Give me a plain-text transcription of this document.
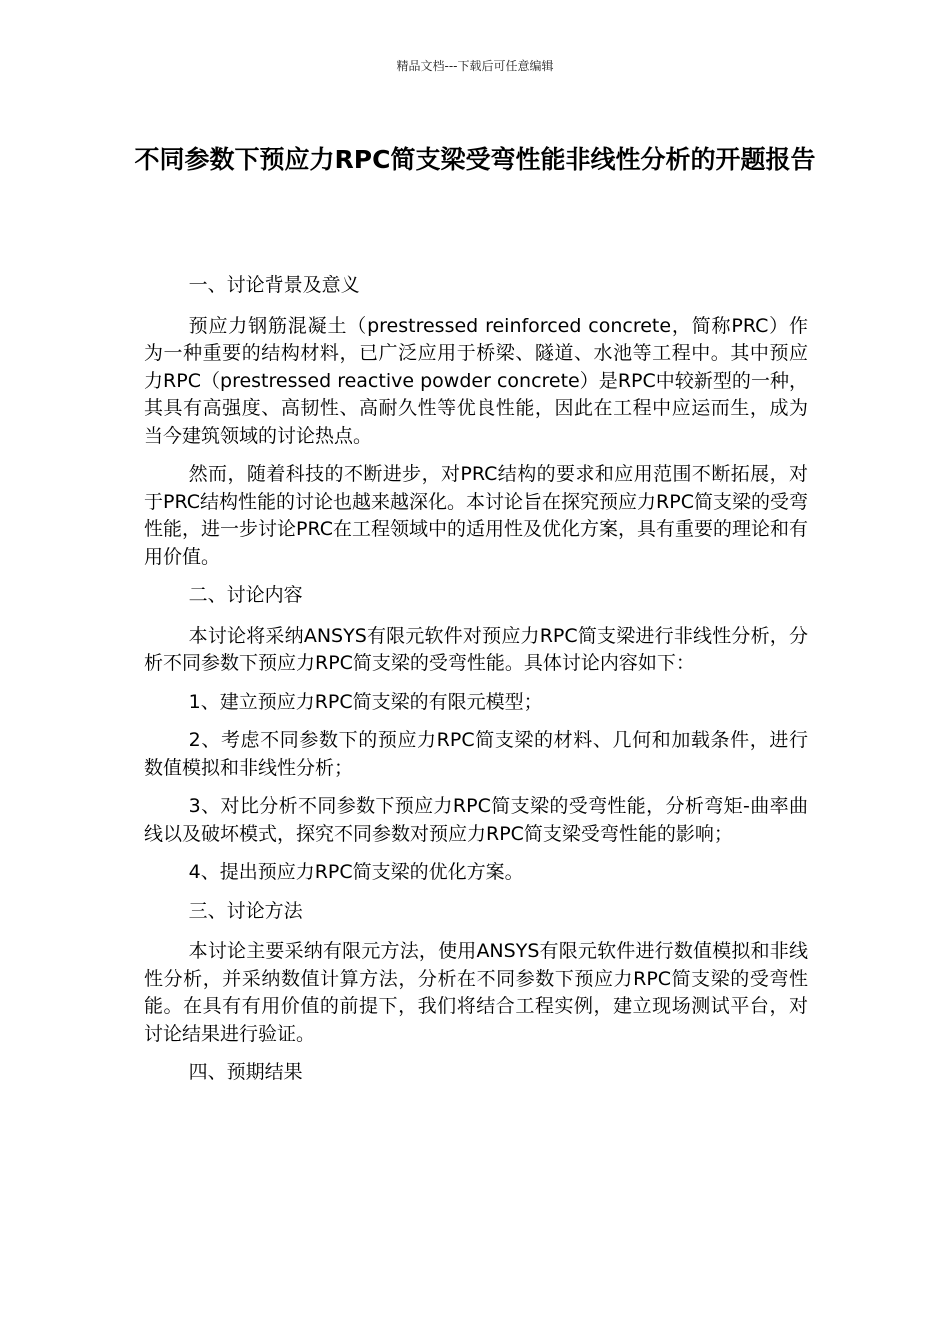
精品文档---下载后可任意编辑
不同参数下预应力RPC简支梁受弯性能非线性分析的开题报告

一、讨论背景及意义

预应力钢筋混凝土（prestressed reinforced concrete，简称PRC）作为一种重要的结构材料，已广泛应用于桥梁、隧道、水池等工程中。其中预应力RPC（prestressed reactive powder concrete）是RPC中较新型的一种，其具有高强度、高韧性、高耐久性等优良性能，因此在工程中应运而生，成为当今建筑领域的讨论热点。

然而，随着科技的不断进步，对PRC结构的要求和应用范围不断拓展，对于PRC结构性能的讨论也越来越深化。本讨论旨在探究预应力RPC简支梁的受弯性能，进一步讨论PRC在工程领域中的适用性及优化方案，具有重要的理论和有用价值。

二、讨论内容

本讨论将采纳ANSYS有限元软件对预应力RPC简支梁进行非线性分析，分析不同参数下预应力RPC简支梁的受弯性能。具体讨论内容如下：

1、建立预应力RPC简支梁的有限元模型；

2、考虑不同参数下的预应力RPC简支梁的材料、几何和加载条件，进行数值模拟和非线性分析；

3、对比分析不同参数下预应力RPC简支梁的受弯性能，分析弯矩-曲率曲线以及破坏模式，探究不同参数对预应力RPC简支梁受弯性能的影响；

4、提出预应力RPC简支梁的优化方案。

三、讨论方法

本讨论主要采纳有限元方法，使用ANSYS有限元软件进行数值模拟和非线性分析，并采纳数值计算方法，分析在不同参数下预应力RPC简支梁的受弯性能。在具有有用价值的前提下，我们将结合工程实例，建立现场测试平台，对讨论结果进行验证。

四、预期结果
